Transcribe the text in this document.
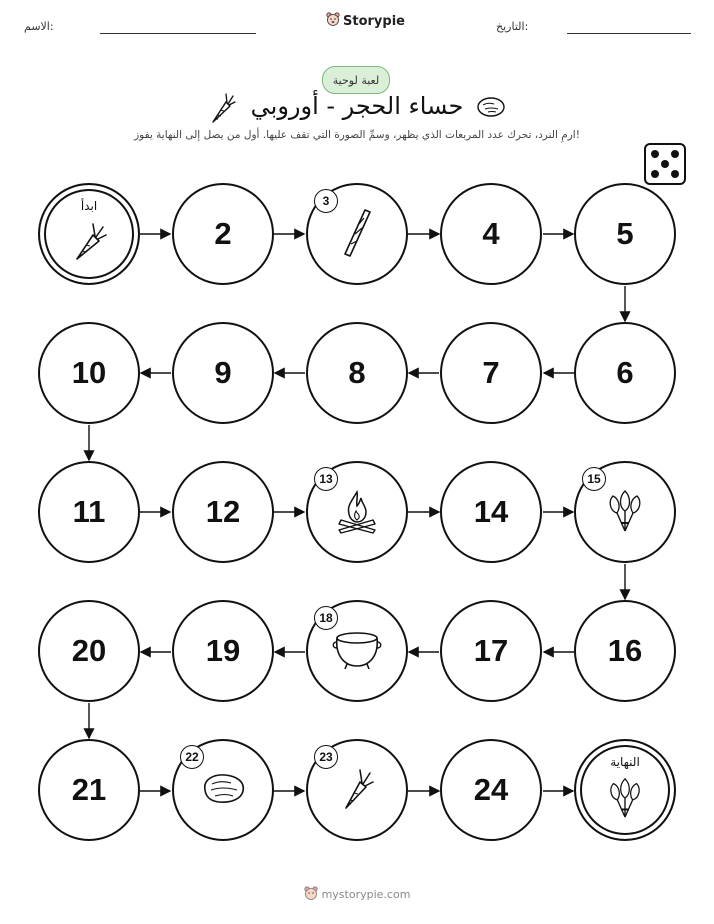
الاسم:	Storypie	التاريخ:
لعبة لوحية
حساء الحجر - أوروبي
ارمِ النرد، تحرك عدد المربعات الذي يظهر، وسمِّ الصورة التي تقف عليها. أول من يصل إلى النهاية يفوز!
ابدأ
2
3
4	5
6
7
8
9
10
11	12
13
14
15
16
17
18
19
20
21
22	23
24
النهاية
mystorypie.com
